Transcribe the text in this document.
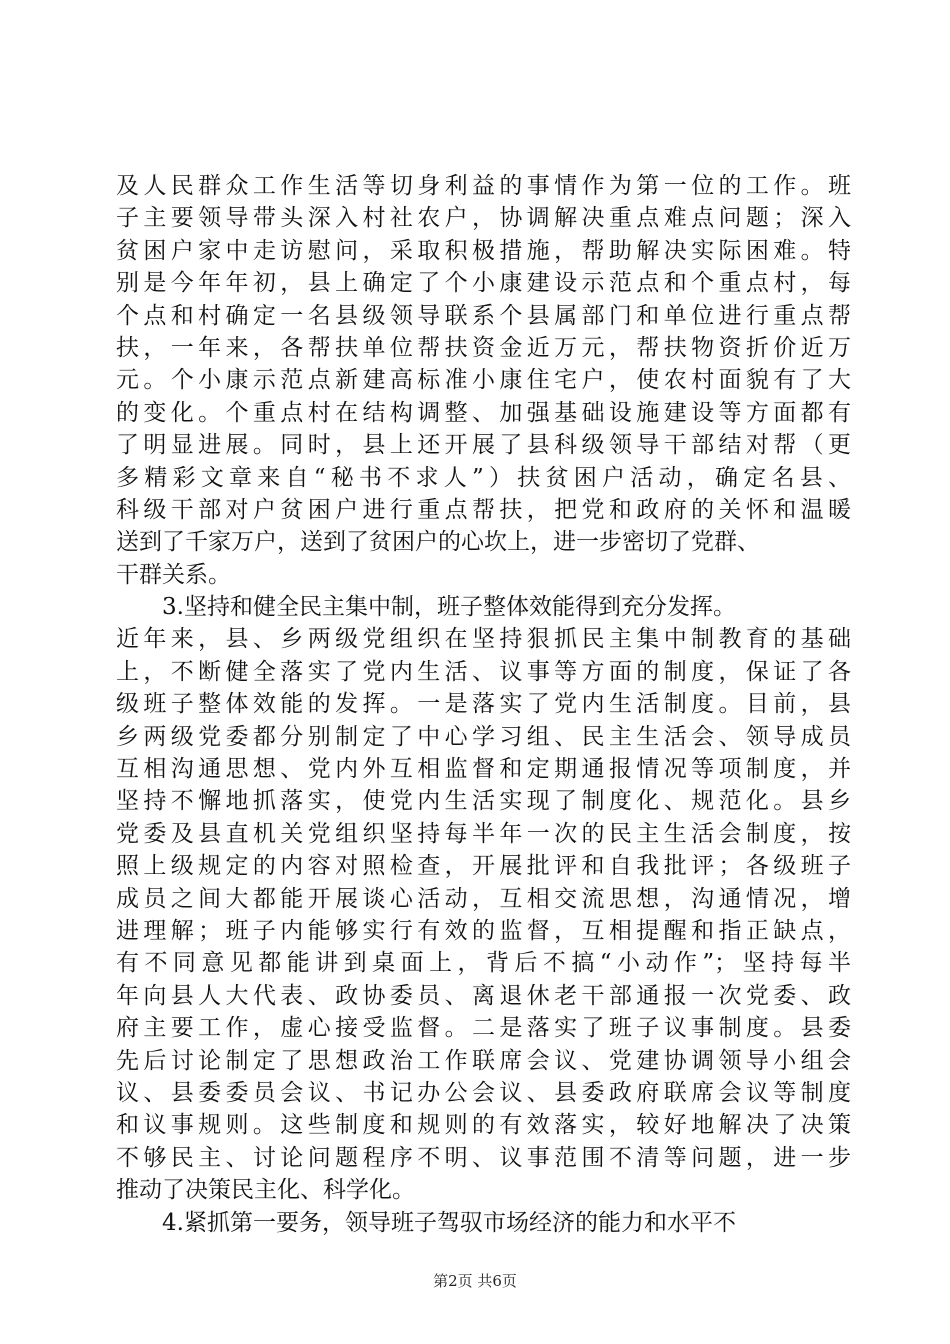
及人民群众工作生活等切身利益的事情作为第一位的工作。班
子主要领导带头深入村社农户，协调解决重点难点问题；深入
贫困户家中走访慰问，采取积极措施，帮助解决实际困难。特
别是今年年初，县上确定了个小康建设示范点和个重点村，每
个点和村确定一名县级领导联系个县属部门和单位进行重点帮
扶，一年来，各帮扶单位帮扶资金近万元，帮扶物资折价近万
元。个小康示范点新建高标准小康住宅户，使农村面貌有了大
的变化。个重点村在结构调整、加强基础设施建设等方面都有
了明显进展。同时，县上还开展了县科级领导干部结对帮（更
多精彩文章来自“秘书不求人”）扶贫困户活动，确定名县、
科级干部对户贫困户进行重点帮扶，把党和政府的关怀和温暖
送到了千家万户，送到了贫困户的心坎上，进一步密切了党群、
干群关系。
3.坚持和健全民主集中制，班子整体效能得到充分发挥。
近年来，县、乡两级党组织在坚持狠抓民主集中制教育的基础
上，不断健全落实了党内生活、议事等方面的制度，保证了各
级班子整体效能的发挥。一是落实了党内生活制度。目前，县
乡两级党委都分别制定了中心学习组、民主生活会、领导成员
互相沟通思想、党内外互相监督和定期通报情况等项制度，并
坚持不懈地抓落实，使党内生活实现了制度化、规范化。县乡
党委及县直机关党组织坚持每半年一次的民主生活会制度，按
照上级规定的内容对照检查，开展批评和自我批评；各级班子
成员之间大都能开展谈心活动，互相交流思想，沟通情况，增
进理解；班子内能够实行有效的监督，互相提醒和指正缺点，
有不同意见都能讲到桌面上，背后不搞“小动作”；坚持每半
年向县人大代表、政协委员、离退休老干部通报一次党委、政
府主要工作，虚心接受监督。二是落实了班子议事制度。县委
先后讨论制定了思想政治工作联席会议、党建协调领导小组会
议、县委委员会议、书记办公会议、县委政府联席会议等制度
和议事规则。这些制度和规则的有效落实，较好地解决了决策
不够民主、讨论问题程序不明、议事范围不清等问题，进一步
推动了决策民主化、科学化。
4.紧抓第一要务，领导班子驾驭市场经济的能力和水平不
第2页 共6页
